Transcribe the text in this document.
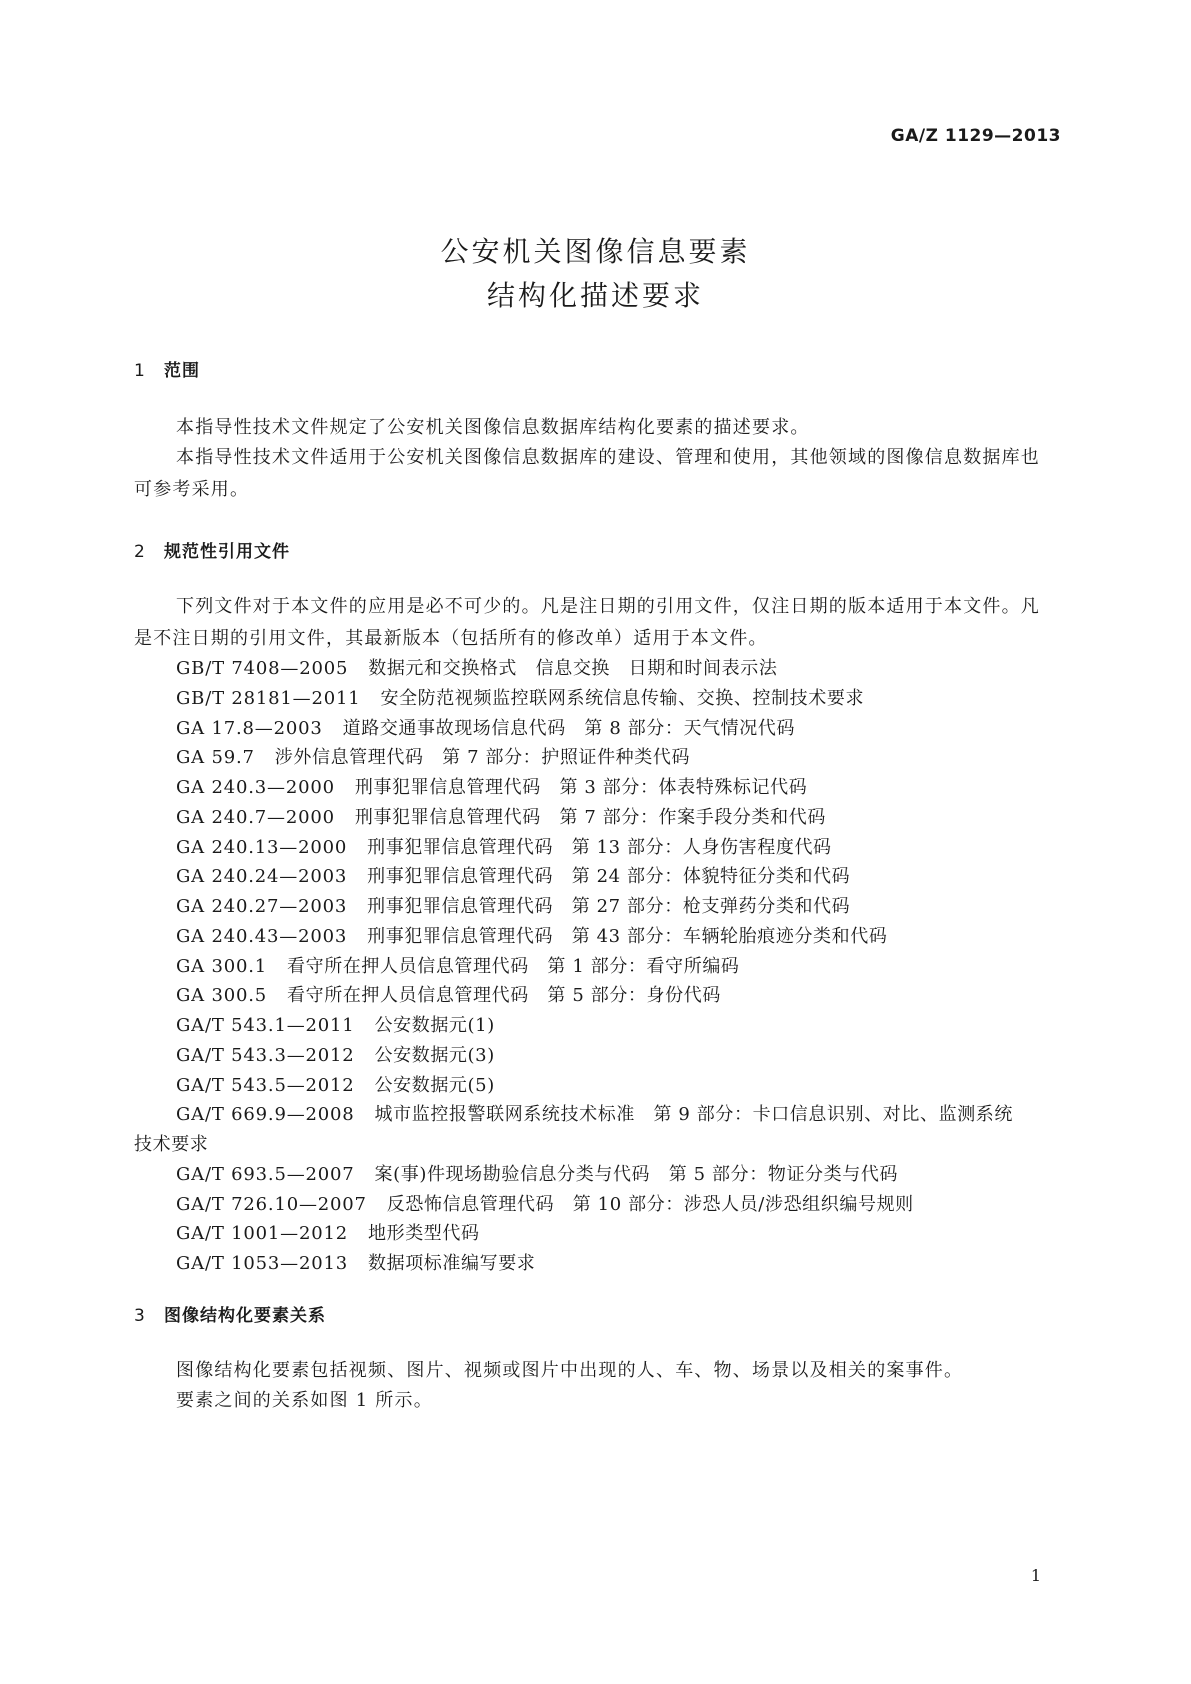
GA/Z 1129—2013
公安机关图像信息要素
结构化描述要求
1 范围
本指导性技术文件规定了公安机关图像信息数据库结构化要素的描述要求。
本指导性技术文件适用于公安机关图像信息数据库的建设、管理和使用，其他领域的图像信息数据库也可参考采用。
2 规范性引用文件
下列文件对于本文件的应用是必不可少的。凡是注日期的引用文件，仅注日期的版本适用于本文件。凡是不注日期的引用文件，其最新版本（包括所有的修改单）适用于本文件。
GB/T 7408—2005 数据元和交换格式　信息交换　日期和时间表示法
GB/T 28181—2011 安全防范视频监控联网系统信息传输、交换、控制技术要求
GA 17.8—2003 道路交通事故现场信息代码　第 8 部分：天气情况代码
GA 59.7 涉外信息管理代码　第 7 部分：护照证件种类代码
GA 240.3—2000 刑事犯罪信息管理代码　第 3 部分：体表特殊标记代码
GA 240.7—2000 刑事犯罪信息管理代码　第 7 部分：作案手段分类和代码
GA 240.13—2000 刑事犯罪信息管理代码　第 13 部分：人身伤害程度代码
GA 240.24—2003 刑事犯罪信息管理代码　第 24 部分：体貌特征分类和代码
GA 240.27—2003 刑事犯罪信息管理代码　第 27 部分：枪支弹药分类和代码
GA 240.43—2003 刑事犯罪信息管理代码　第 43 部分：车辆轮胎痕迹分类和代码
GA 300.1 看守所在押人员信息管理代码　第 1 部分：看守所编码
GA 300.5 看守所在押人员信息管理代码　第 5 部分：身份代码
GA/T 543.1—2011 公安数据元(1)
GA/T 543.3—2012 公安数据元(3)
GA/T 543.5—2012 公安数据元(5)
GA/T 669.9—2008 城市监控报警联网系统技术标准　第 9 部分：卡口信息识别、对比、监测系统
技术要求
GA/T 693.5—2007 案(事)件现场勘验信息分类与代码　第 5 部分：物证分类与代码
GA/T 726.10—2007 反恐怖信息管理代码　第 10 部分：涉恐人员/涉恐组织编号规则
GA/T 1001—2012 地形类型代码
GA/T 1053—2013 数据项标准编写要求
3 图像结构化要素关系
图像结构化要素包括视频、图片、视频或图片中出现的人、车、物、场景以及相关的案事件。
要素之间的关系如图 1 所示。
1
